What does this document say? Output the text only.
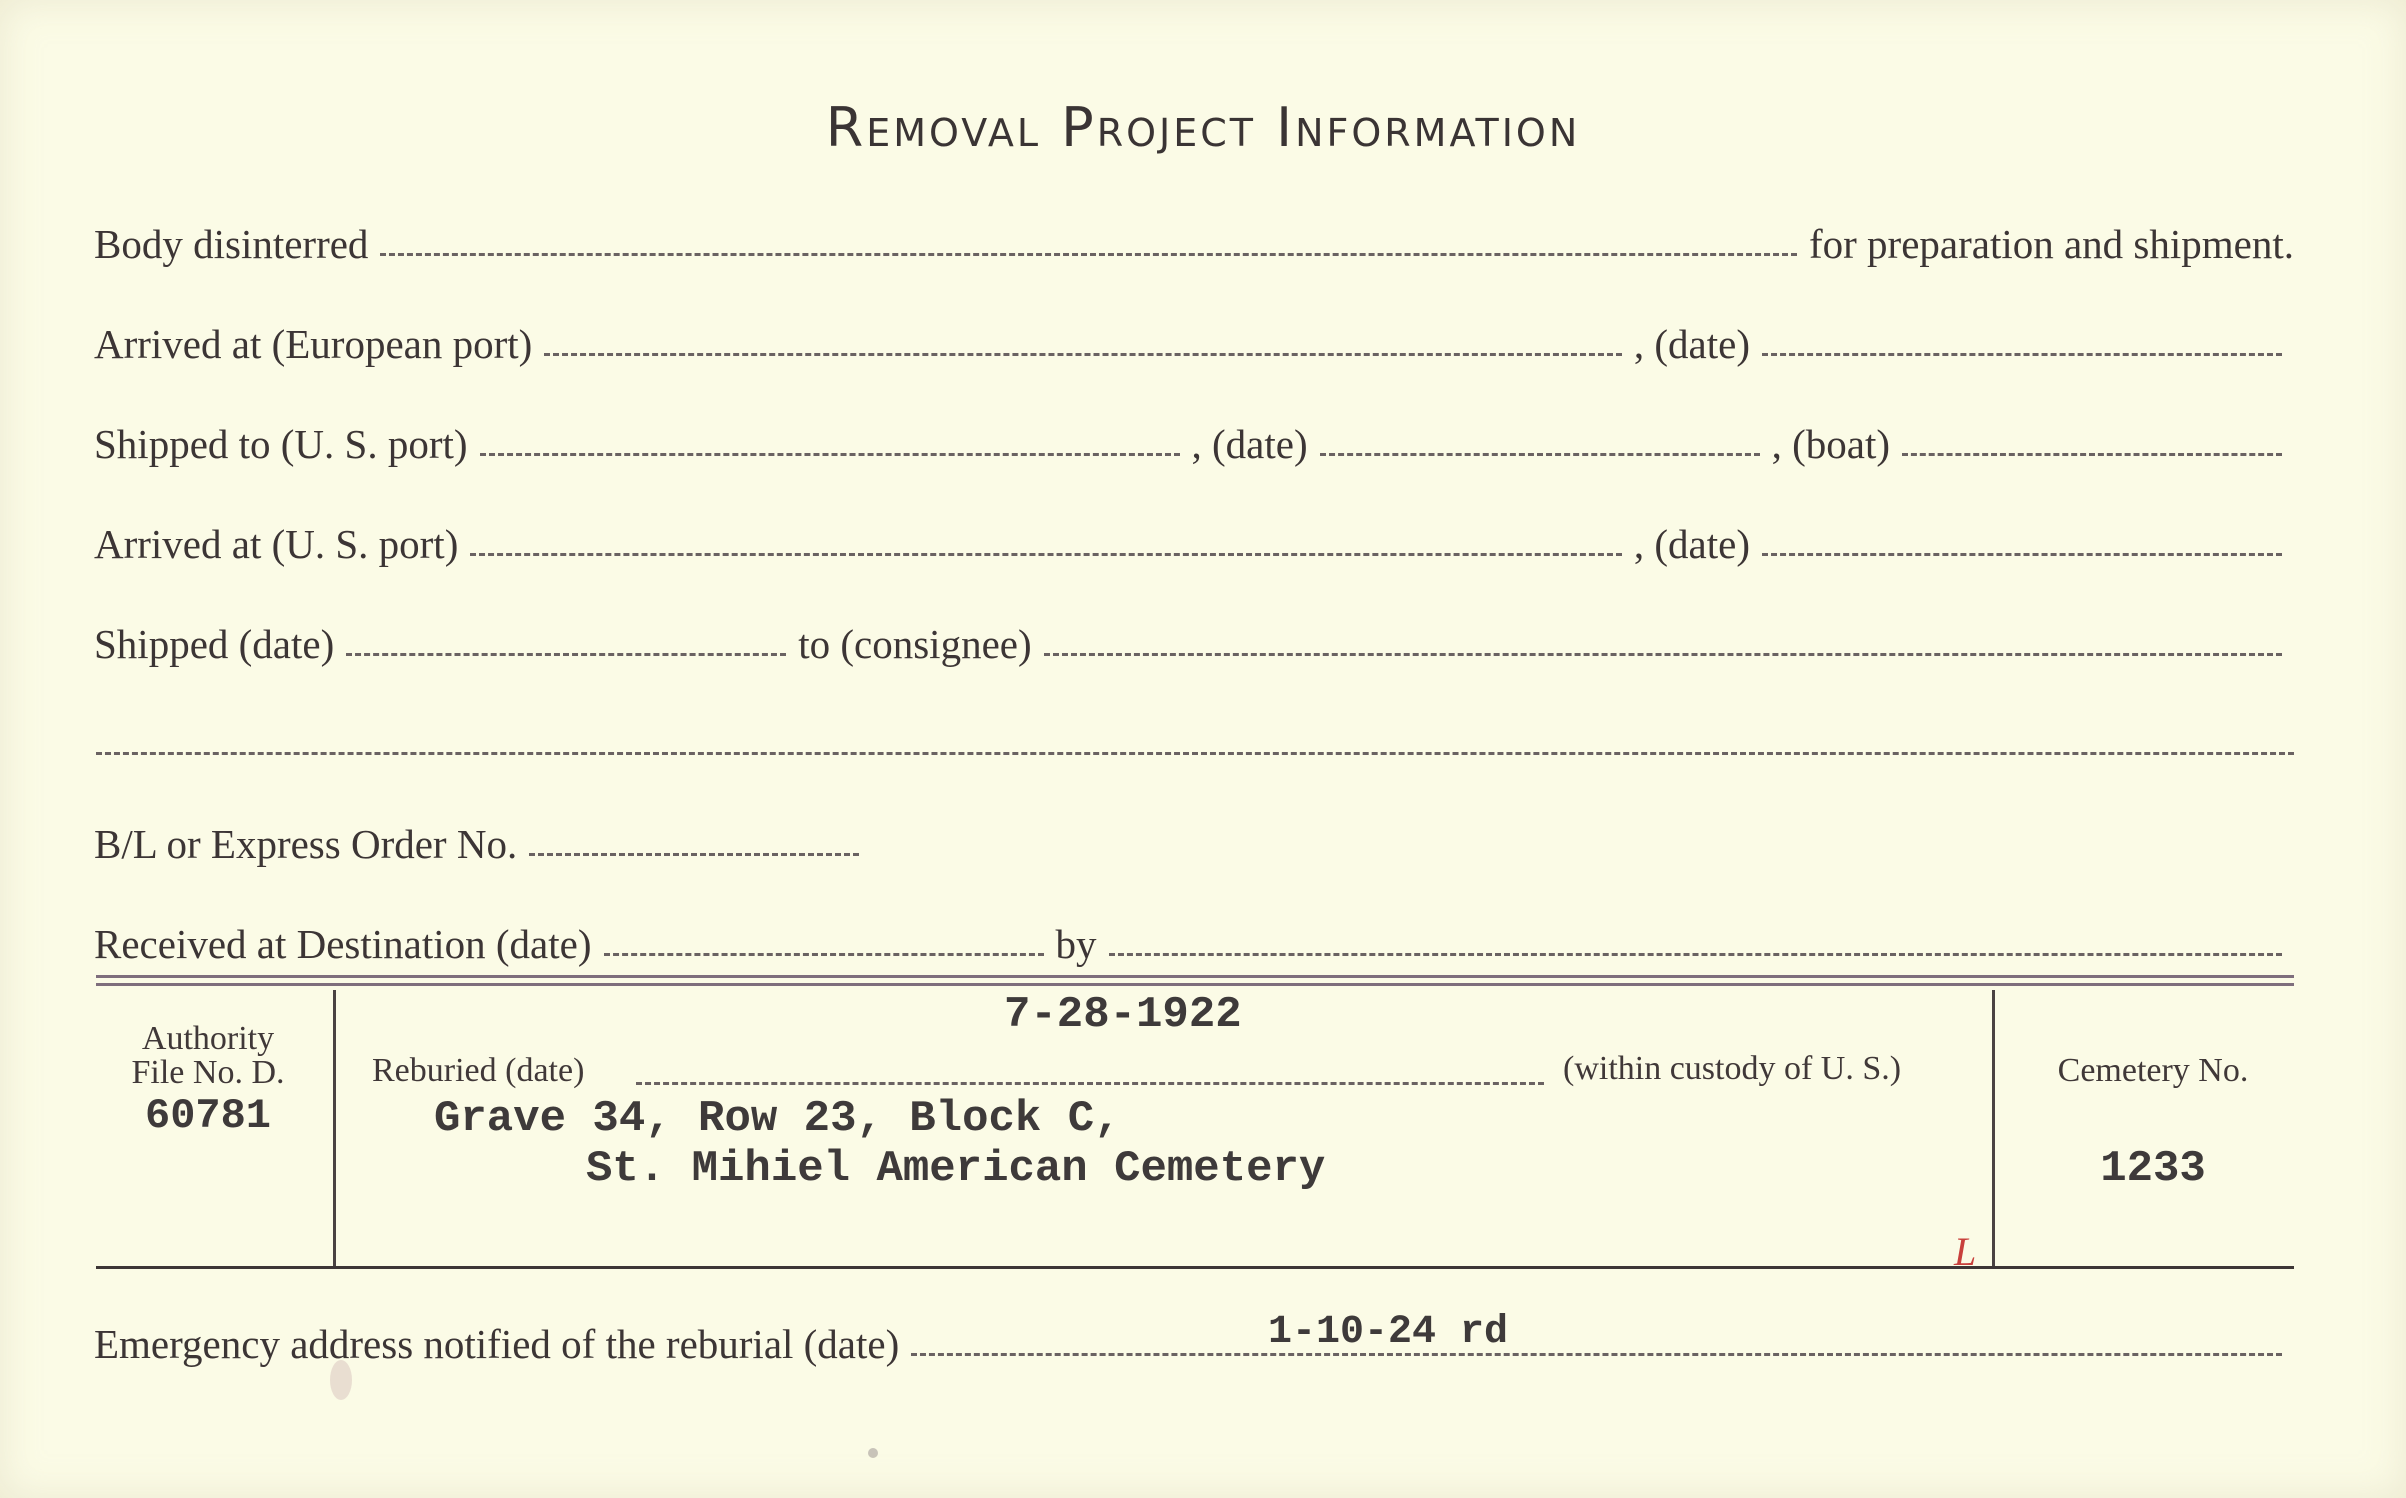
Removal Project Information
Body disinterred	for preparation and shipment.
Arrived at (European port)	, (date)
Shipped to (U. S. port)	, (date)	, (boat)
Arrived at (U. S. port)	, (date)
Shipped (date)	to (consignee)
B/L or Express Order No.
Received at Destination (date)	by
Authority
File No. D.
60781
7-28-1922
Reburied (date)	(within custody of U. S.)
Grave 34, Row 23, Block C,
St. Mihiel American Cemetery
Cemetery No.
1233
L
Emergency address notified of the reburial (date)	1-10-24 rd
